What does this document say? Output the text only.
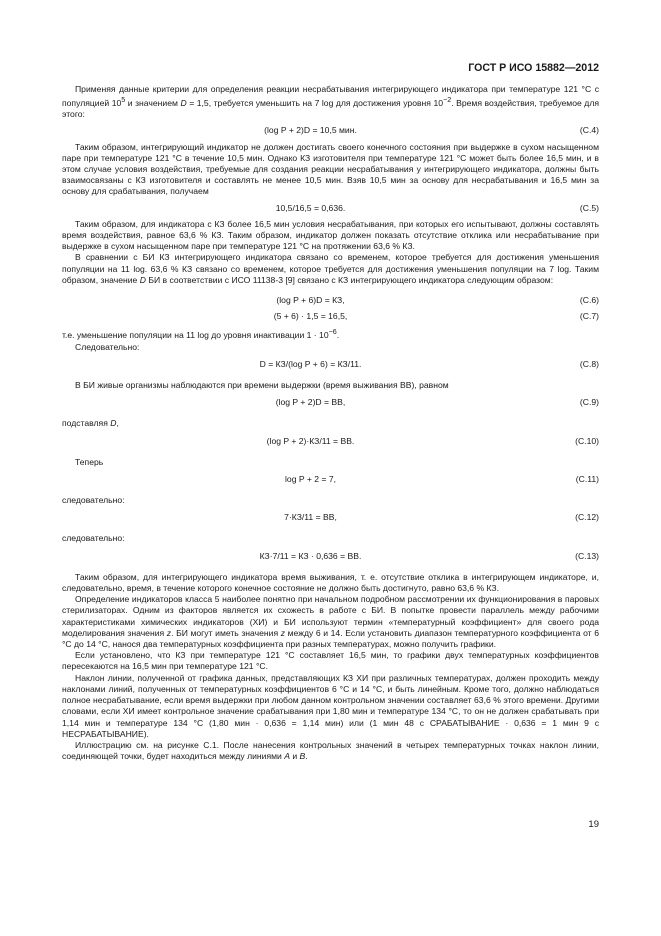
ГОСТ Р ИСО 15882—2012

Применяя данные критерии для определения реакции несрабатывания интегрирующего индикатора при температуре 121 °С с популяцией $10^5$ и значением D = 1,5, требуется уменьшить на 7 log для достижения уровня $10^{-2}$. Время воздействия, требуемое для этого:

(log P + 2)D = 10,5 мин.	(C.4)

Таким образом, интегрирующий индикатор не должен достигать своего конечного состояния при выдержке в сухом насыщенном паре при температуре 121 °С в течение 10,5 мин. Однако КЗ изготовителя при температуре 121 °С может быть более 16,5 мин, и в этом случае условия воздействия, требуемые для создания реакции несрабатывания у интегрирующего индикатора, должны быть взаимосвязаны с КЗ изготовителя и составлять не менее 10,5 мин. Взяв 10,5 мин за основу для несрабатывания и 16,5 мин за основу для срабатывания, получаем

10,5/16,5 = 0,636.	(C.5)

Таким образом, для индикатора с КЗ более 16,5 мин условия несрабатывания, при которых его испытывают, должны составлять время воздействия, равное 63,6 % КЗ. Таким образом, индикатор должен показать отсутствие отклика или несрабатывание при выдержке в сухом насыщенном паре при температуре 121 °С на протяжении 63,6 % КЗ.

В сравнении с БИ КЗ интегрирующего индикатора связано со временем, которое требуется для достижения уменьшения популяции на 11 log. 63,6 % КЗ связано со временем, которое требуется для достижения уменьшения популяции на 7 log. Таким образом, значение D БИ в соответствии с ИСО 11138-3 [9] связано с КЗ интегрирующего индикатора следующим образом:

(log P + 6)D = КЗ,	(C.6)
(5 + 6) · 1,5 = 16,5,	(C.7)

т.е. уменьшение популяции на 11 log до уровня инактивации $1 \cdot 10^{-6}$.

Следовательно:

D = КЗ/(log P + 6) = КЗ/11.	(C.8)

В БИ живые организмы наблюдаются при времени выдержки (время выживания ВВ), равном

(log P + 2)D = ВВ,	(C.9)

подставляя D,

(log P + 2)·КЗ/11 = ВВ.	(C.10)

Теперь

log P + 2 = 7,	(C.11)

следовательно:

7·КЗ/11 = ВВ,	(C.12)

следовательно:

КЗ·7/11 = КЗ · 0,636 = ВВ.	(C.13)

Таким образом, для интегрирующего индикатора время выживания, т. е. отсутствие отклика в интегрирующем индикаторе, и, следовательно, время, в течение которого конечное состояние не должно быть достигнуто, равно 63,6 % КЗ.

Определение индикаторов класса 5 наиболее понятно при начальном подробном рассмотрении их функционирования в паровых стерилизаторах. Одним из факторов является их схожесть в работе с БИ. В попытке провести параллель между рабочими характеристиками химических индикаторов (ХИ) и БИ используют термин «температурный коэффициент» для своего рода моделирования значения z. БИ могут иметь значения z между 6 и 14. Если установить диапазон температурного коэффициента от 6 °С до 14 °С, нанося два температурных коэффициента при разных температурах, можно получить графики.

Если установлено, что КЗ при температуре 121 °С составляет 16,5 мин, то графики двух температурных коэффициентов пересекаются на 16,5 мин при температуре 121 °С.

Наклон линии, полученной от графика данных, представляющих КЗ ХИ при различных температурах, должен проходить между наклонами линий, полученных от температурных коэффициентов 6 °С и 14 °С, и быть линейным. Кроме того, должно наблюдаться полное несрабатывание, если время выдержки при любом данном контрольном значении составляет 63,6 % этого времени. Другими словами, если ХИ имеет контрольное значение срабатывания при 1,80 мин и температуре 134 °С, то он не должен срабатывать при 1,14 мин и температуре 134 °С (1,80 мин · 0,636 = 1,14 мин) или (1 мин 48 с СРАБАТЫВАНИЕ · 0,636 = 1 мин 9 с НЕСРАБАТЫВАНИЕ).

Иллюстрацию см. на рисунке С.1. После нанесения контрольных значений в четырех температурных точках наклон линии, соединяющей точки, будет находиться между линиями А и В.

19
